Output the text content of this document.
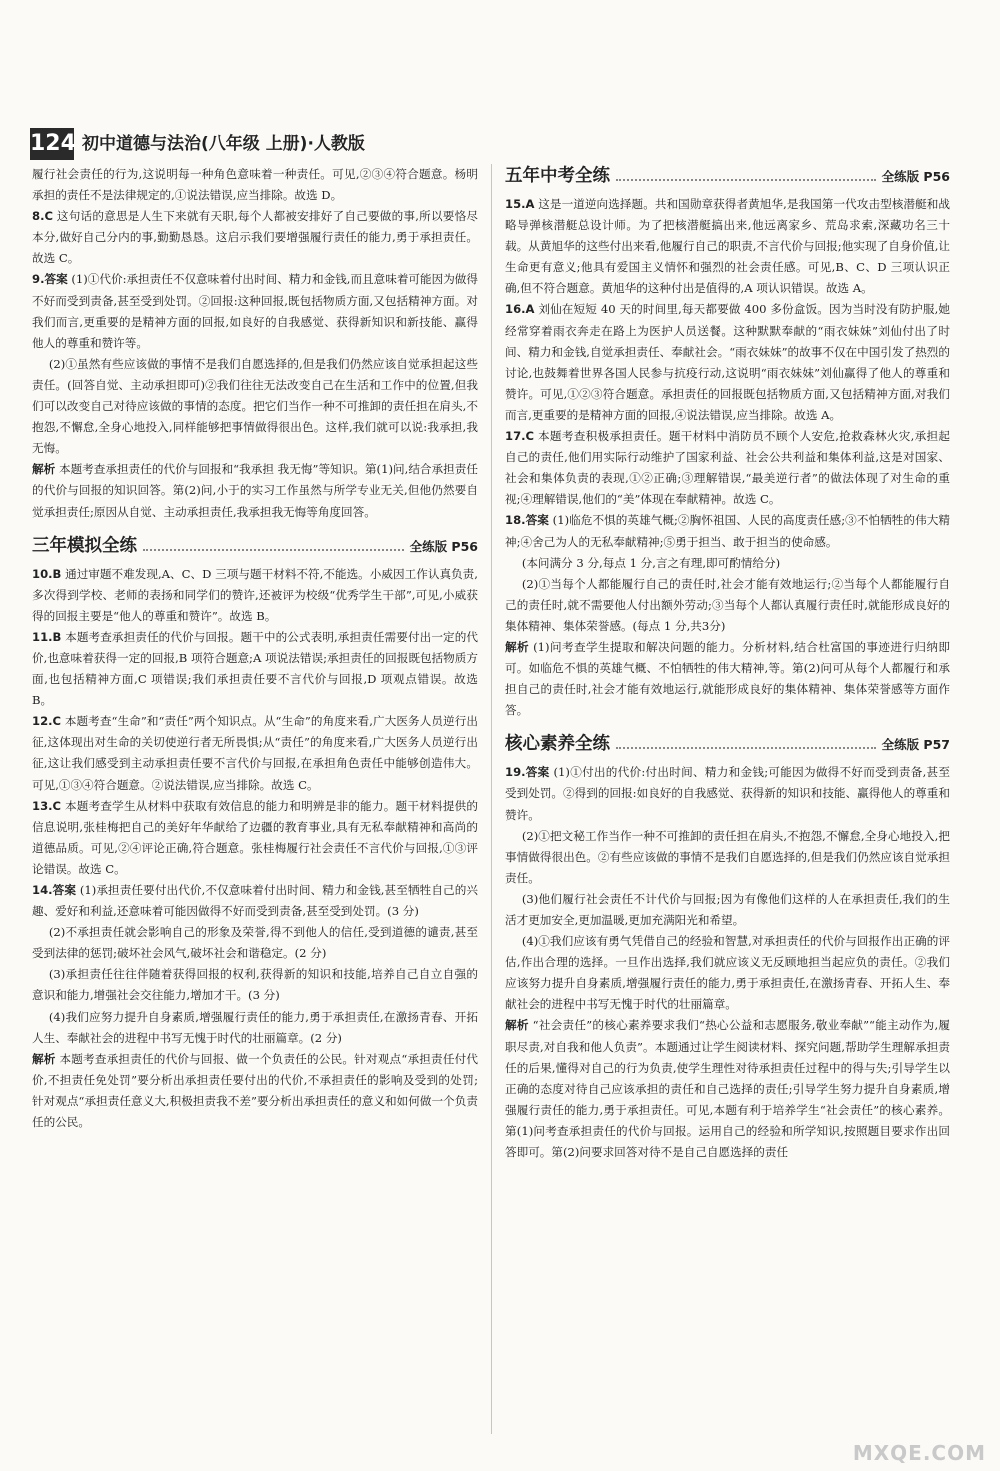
124 初中道德与法治(八年级 上册)·人教版

履行社会责任的行为,这说明每一种角色意味着一种责任。可见,②③④符合题意。杨明承担的责任不是法律规定的,①说法错误,应当排除。故选 D。

8.C 这句话的意思是人生下来就有天职,每个人都被安排好了自己要做的事,所以要恪尽本分,做好自己分内的事,勤勤恳恳。这启示我们要增强履行责任的能力,勇于承担责任。故选 C。

9.答案 (1)①代价:承担责任不仅意味着付出时间、精力和金钱,而且意味着可能因为做得不好而受到责备,甚至受到处罚。②回报:这种回报,既包括物质方面,又包括精神方面。对我们而言,更重要的是精神方面的回报,如良好的自我感觉、获得新知识和新技能、赢得他人的尊重和赞许等。

(2)①虽然有些应该做的事情不是我们自愿选择的,但是我们仍然应该自觉承担起这些责任。(回答自觉、主动承担即可)②我们往往无法改变自己在生活和工作中的位置,但我们可以改变自己对待应该做的事情的态度。把它们当作一种不可推卸的责任担在肩头,不抱怨,不懈怠,全身心地投入,同样能够把事情做得很出色。这样,我们就可以说:我承担,我无悔。

解析 本题考查承担责任的代价与回报和“我承担 我无悔”等知识。第(1)问,结合承担责任的代价与回报的知识回答。第(2)问,小于的实习工作虽然与所学专业无关,但他仍然要自觉承担责任;原因从自觉、主动承担责任,我承担我无悔等角度回答。

三年模拟全练	全练版 P56

10.B 通过审题不难发现,A、C、D 三项与题干材料不符,不能选。小威因工作认真负责,多次得到学校、老师的表扬和同学们的赞许,还被评为校级“优秀学生干部”,可见,小威获得的回报主要是“他人的尊重和赞许”。故选 B。

11.B 本题考查承担责任的代价与回报。题干中的公式表明,承担责任需要付出一定的代价,也意味着获得一定的回报,B 项符合题意;A 项说法错误;承担责任的回报既包括物质方面,也包括精神方面,C 项错误;我们承担责任要不言代价与回报,D 项观点错误。故选 B。

12.C 本题考查“生命”和“责任”两个知识点。从“生命”的角度来看,广大医务人员逆行出征,这体现出对生命的关切使逆行者无所畏惧;从“责任”的角度来看,广大医务人员逆行出征,这让我们感受到主动承担责任要不言代价与回报,在承担角色责任中能够创造伟大。可见,①③④符合题意。②说法错误,应当排除。故选 C。

13.C 本题考查学生从材料中获取有效信息的能力和明辨是非的能力。题干材料提供的信息说明,张桂梅把自己的美好年华献给了边疆的教育事业,具有无私奉献精神和高尚的道德品质。可见,②④评论正确,符合题意。张桂梅履行社会责任不言代价与回报,①③评论错误。故选 C。

14.答案 (1)承担责任要付出代价,不仅意味着付出时间、精力和金钱,甚至牺牲自己的兴趣、爱好和利益,还意味着可能因做得不好而受到责备,甚至受到处罚。(3 分)

(2)不承担责任就会影响自己的形象及荣誉,得不到他人的信任,受到道德的谴责,甚至受到法律的惩罚;破坏社会风气,破坏社会和谐稳定。(2 分)

(3)承担责任往往伴随着获得回报的权利,获得新的知识和技能,培养自己自立自强的意识和能力,增强社会交往能力,增加才干。(3 分)

(4)我们应努力提升自身素质,增强履行责任的能力,勇于承担责任,在激扬青春、开拓人生、奉献社会的进程中书写无愧于时代的壮丽篇章。(2 分)

解析 本题考查承担责任的代价与回报、做一个负责任的公民。针对观点“承担责任付代价,不担责任免处罚”要分析出承担责任要付出的代价,不承担责任的影响及受到的处罚;针对观点“承担责任意义大,积极担责我不差”要分析出承担责任的意义和如何做一个负责任的公民。

五年中考全练	全练版 P56

15.A 这是一道逆向选择题。共和国勋章获得者黄旭华,是我国第一代攻击型核潜艇和战略导弹核潜艇总设计师。为了把核潜艇搞出来,他远离家乡、荒岛求索,深藏功名三十载。从黄旭华的这些付出来看,他履行自己的职责,不言代价与回报;他实现了自身价值,让生命更有意义;他具有爱国主义情怀和强烈的社会责任感。可见,B、C、D 三项认识正确,但不符合题意。黄旭华的这种付出是值得的,A 项认识错误。故选 A。

16.A 刘仙在短短 40 天的时间里,每天都要做 400 多份盒饭。因为当时没有防护服,她经常穿着雨衣奔走在路上为医护人员送餐。这种默默奉献的“雨衣妹妹”刘仙付出了时间、精力和金钱,自觉承担责任、奉献社会。“雨衣妹妹”的故事不仅在中国引发了热烈的讨论,也鼓舞着世界各国人民参与抗疫行动,这说明“雨衣妹妹”刘仙赢得了他人的尊重和赞许。可见,①②③符合题意。承担责任的回报既包括物质方面,又包括精神方面,对我们而言,更重要的是精神方面的回报,④说法错误,应当排除。故选 A。

17.C 本题考查积极承担责任。题干材料中消防员不顾个人安危,抢救森林火灾,承担起自己的责任,他们用实际行动维护了国家利益、社会公共利益和集体利益,这是对国家、社会和集体负责的表现,①②正确;③理解错误,“最美逆行者”的做法体现了对生命的重视;④理解错误,他们的“美”体现在奉献精神。故选 C。

18.答案 (1)临危不惧的英雄气概;②胸怀祖国、人民的高度责任感;③不怕牺牲的伟大精神;④舍己为人的无私奉献精神;⑤勇于担当、敢于担当的使命感。

(本问满分 3 分,每点 1 分,言之有理,即可酌情给分)

(2)①当每个人都能履行自己的责任时,社会才能有效地运行;②当每个人都能履行自己的责任时,就不需要他人付出额外劳动;③当每个人都认真履行责任时,就能形成良好的集体精神、集体荣誉感。(每点 1 分,共3分)

解析 (1)问考查学生提取和解决问题的能力。分析材料,结合杜富国的事迹进行归纳即可。如临危不惧的英雄气概、不怕牺牲的伟大精神,等。第(2)问可从每个人都履行和承担自己的责任时,社会才能有效地运行,就能形成良好的集体精神、集体荣誉感等方面作答。

核心素养全练	全练版 P57

19.答案 (1)①付出的代价:付出时间、精力和金钱;可能因为做得不好而受到责备,甚至受到处罚。②得到的回报:如良好的自我感觉、获得新的知识和技能、赢得他人的尊重和赞许。

(2)①把文秘工作当作一种不可推卸的责任担在肩头,不抱怨,不懈怠,全身心地投入,把事情做得很出色。②有些应该做的事情不是我们自愿选择的,但是我们仍然应该自觉承担责任。

(3)他们履行社会责任不计代价与回报;因为有像他们这样的人在承担责任,我们的生活才更加安全,更加温暖,更加充满阳光和希望。

(4)①我们应该有勇气凭借自己的经验和智慧,对承担责任的代价与回报作出正确的评估,作出合理的选择。一旦作出选择,我们就应该义无反顾地担当起应负的责任。②我们应该努力提升自身素质,增强履行责任的能力,勇于承担责任,在激扬青春、开拓人生、奉献社会的进程中书写无愧于时代的壮丽篇章。

解析 “社会责任”的核心素养要求我们“热心公益和志愿服务,敬业奉献”“能主动作为,履职尽责,对自我和他人负责”。本题通过让学生阅读材料、探究问题,帮助学生理解承担责任的后果,懂得对自己的行为负责,使学生理性对待承担责任过程中的得与失;引导学生以正确的态度对待自己应该承担的责任和自己选择的责任;引导学生努力提升自身素质,增强履行责任的能力,勇于承担责任。可见,本题有利于培养学生“社会责任”的核心素养。第(1)问考查承担责任的代价与回报。运用自己的经验和所学知识,按照题目要求作出回答即可。第(2)问要求回答对待不是自己自愿选择的责任

MXQE.COM
